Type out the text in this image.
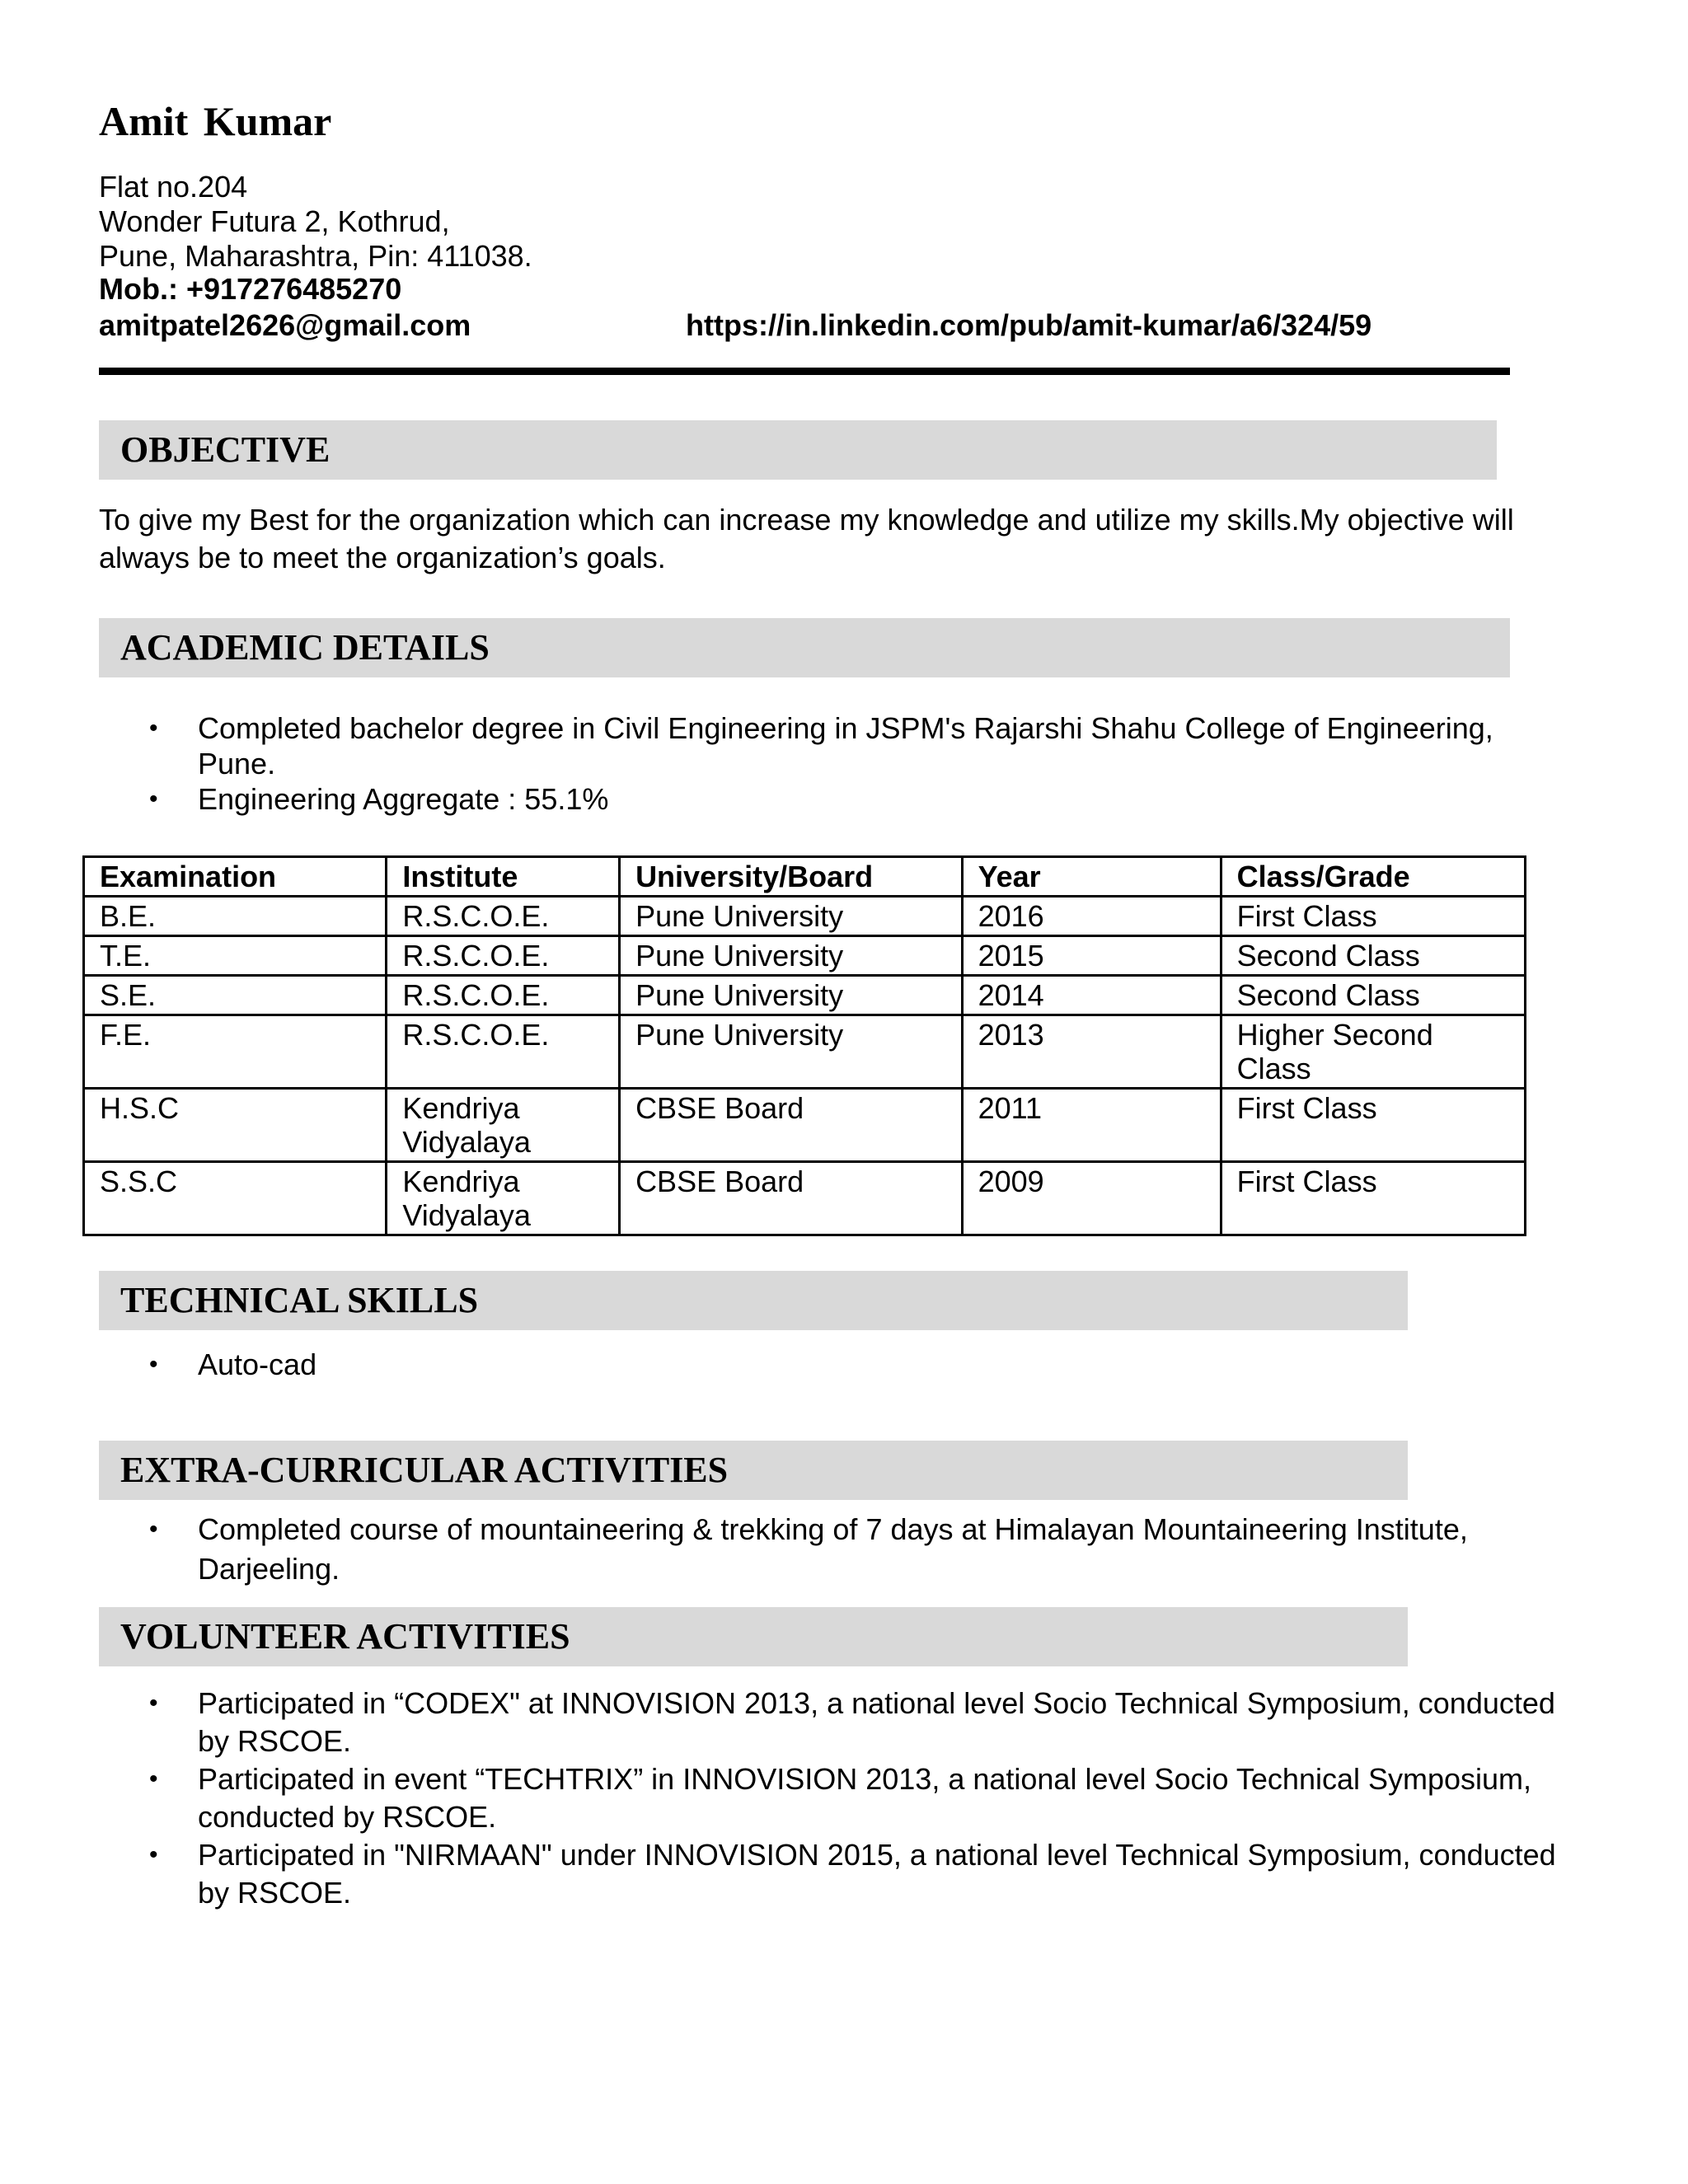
Amit Kumar
Flat no.204
Wonder Futura 2, Kothrud,
Pune, Maharashtra, Pin: 411038.
Mob.: +917276485270
amitpatel2626@gmail.com	https://in.linkedin.com/pub/amit-kumar/a6/324/59
OBJECTIVE
To give my Best for the organization which can increase my knowledge and utilize my skills.My objective will always be to meet the organization’s goals.
ACADEMIC DETAILS
• Completed bachelor degree in Civil Engineering in JSPM's Rajarshi Shahu College of Engineering, Pune.
• Engineering Aggregate : 55.1%
Examination	Institute	University/Board	Year	Class/Grade
B.E.	R.S.C.O.E.	Pune University	2016	First Class
T.E.	R.S.C.O.E.	Pune University	2015	Second Class
S.E.	R.S.C.O.E.	Pune University	2014	Second Class
F.E.	R.S.C.O.E.	Pune University	2013	Higher Second Class
H.S.C	Kendriya Vidyalaya	CBSE Board	2011	First Class
S.S.C	Kendriya Vidyalaya	CBSE Board	2009	First Class
TECHNICAL SKILLS
• Auto-cad
EXTRA-CURRICULAR ACTIVITIES
• Completed course of mountaineering & trekking of 7 days at Himalayan Mountaineering Institute, Darjeeling.
VOLUNTEER ACTIVITIES
• Participated in “CODEX" at INNOVISION 2013, a national level Socio Technical Symposium, conducted by RSCOE.
• Participated in event “TECHTRIX” in INNOVISION 2013, a national level Socio Technical Symposium, conducted by RSCOE.
• Participated in "NIRMAAN" under INNOVISION 2015, a national level Technical Symposium, conducted by RSCOE.
